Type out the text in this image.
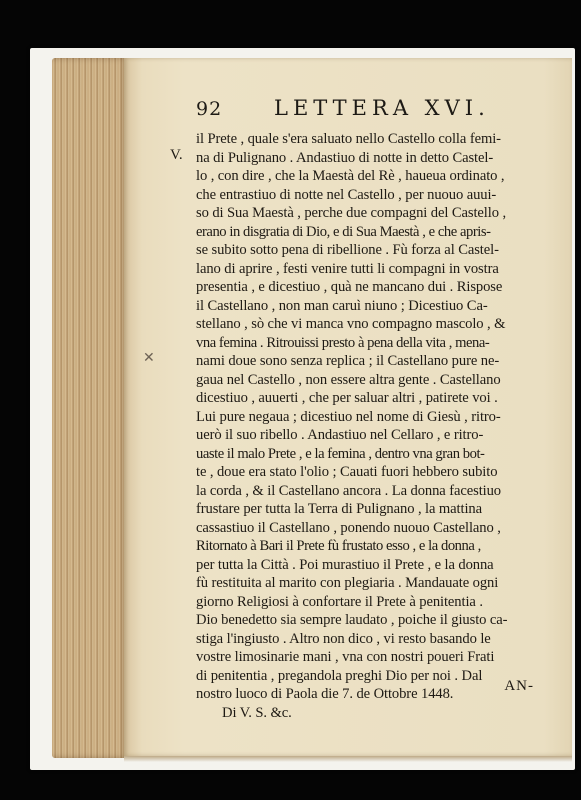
92 LETTERA XVI.
il Prete , quale s'era saluato nello Castello colla femi-
na di Pulignano . Andastiuo di notte in detto Castel-
lo , con dire , che la Maestà del Rè , haueua ordinato ,
che entrastiuo di notte nel Castello , per nuouo auui-
so di Sua Maestà , perche due compagni del Castello ,
erano in disgratia di Dio, e di Sua Maestà , e che apris-
se subito sotto pena di ribellione . Fù forza al Castel-
lano di aprire , festi venire tutti li compagni in vostra
presentia , e dicestiuo , quà ne mancano dui . Rispose
il Castellano , non man caruì niuno ; Dicestiuo Ca-
stellano , sò che vi manca vno compagno mascolo , &
vna femina . Ritrouissi presto à pena della vita , mena-
nami doue sono senza replica ; il Castellano pure ne-
gaua nel Castello , non essere altra gente . Castellano
dicestiuo , auuerti , che per saluar altri , patirete voi .
Lui pure negaua ; dicestiuo nel nome di Giesù , ritro-
uerò il suo ribello . Andastiuo nel Cellaro , e ritro-
uaste il malo Prete , e la femina , dentro vna gran bot-
te , doue era stato l'olio ; Cauati fuori hebbero subito
la corda , & il Castellano ancora . La donna facestiuo
frustare per tutta la Terra di Pulignano , la mattina
cassastiuo il Castellano , ponendo nuouo Castellano ,
Ritornato à Bari il Prete fù frustato esso , e la donna ,
per tutta la Città . Poi murastiuo il Prete , e la donna
fù restituita al marito con plegiaria . Mandauate ogni
giorno Religiosi à confortare il Prete à penitentia .
Dio benedetto sia sempre laudato , poiche il giusto ca-
stiga l'ingiusto . Altro non dico , vi resto basando le
vostre limosinarie mani , vna con nostri poueri Frati
di penitentia , pregandola preghi Dio per noi . Dal
nostro luoco di Paola die 7. de Ottobre 1448.
Di V. S. &c.
AN-
V.
✕
